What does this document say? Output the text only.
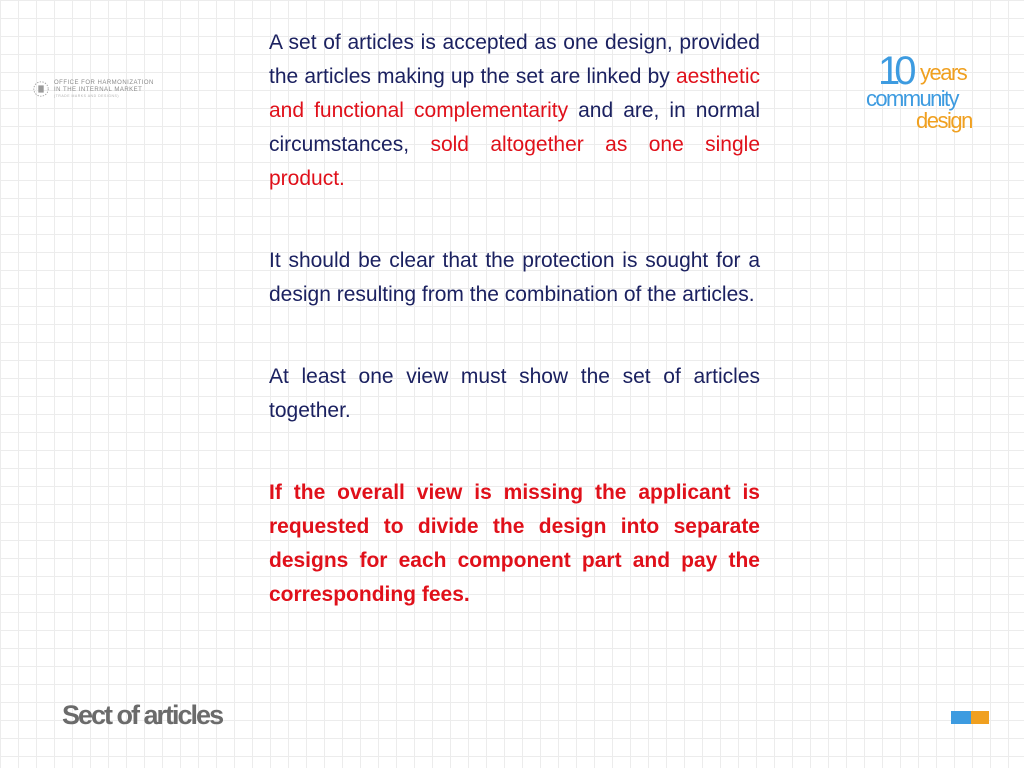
OFFICE FOR HARMONIZATION
IN THE INTERNAL MARKET
(TRADE MARKS AND DESIGNS)
10 years
community
design

A set of articles is accepted as one design, provided the articles making up the set are linked by aesthetic and functional complementarity and are, in normal circumstances, sold altogether as one single product.

It should be clear that the protection is sought for a design resulting from the combination of the articles.

At least one view must show the set of articles together.

If the overall view is missing the applicant is requested to divide the design into separate designs for each component part and pay the corresponding fees.

Sect of articles
